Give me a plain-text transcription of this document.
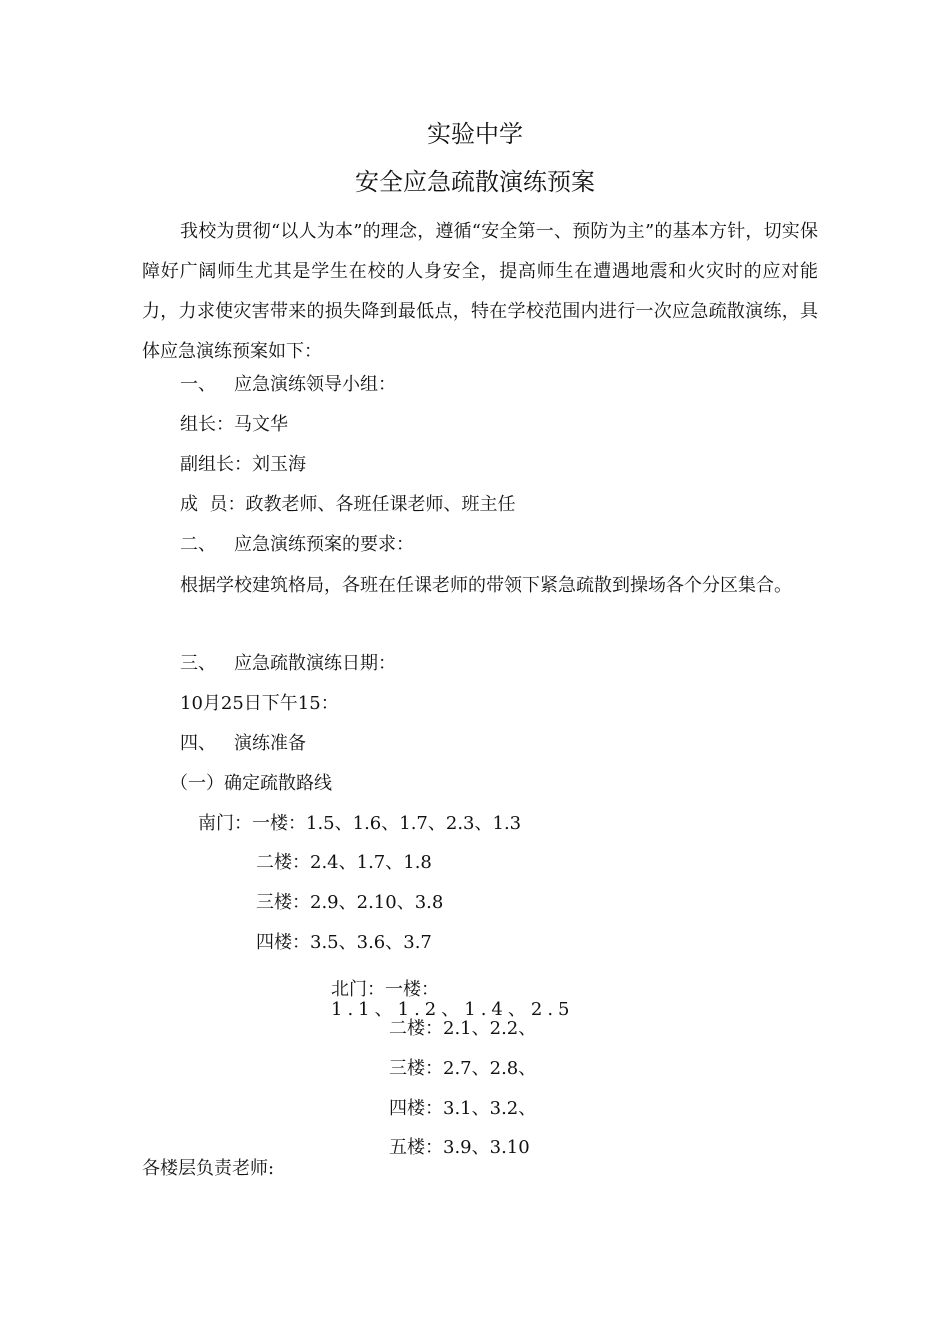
实验中学
安全应急疏散演练预案
我校为贯彻“以人为本”的理念，遵循“安全第一、预防为主”的基本方针，切实保障好广阔师生尤其是学生在校的人身安全，提高师生在遭遇地震和火灾时的应对能力，力求使灾害带来的损失降到最低点，特在学校范围内进行一次应急疏散演练，具体应急演练预案如下：
一、 应急演练领导小组：
组长：马文华
副组长：刘玉海
成  员：政教老师、各班任课老师、班主任
二、 应急演练预案的要求：
根据学校建筑格局，各班在任课老师的带领下紧急疏散到操场各个分区集合。
三、 应急疏散演练日期：
10月25日下午15：
四、 演练准备
（一）确定疏散路线
南门：一楼：1.5、1.6、1.7、2.3、1.3
二楼：2.4、1.7、1.8
三楼：2.9、2.10、3.8
四楼：3.5、3.6、3.7
北门：一楼：
1.1、1.2、1.4、2.5
二楼：2.1、2.2、
三楼：2.7、2.8、
四楼：3.1、3.2、
五楼：3.9、3.10
各楼层负责老师:
